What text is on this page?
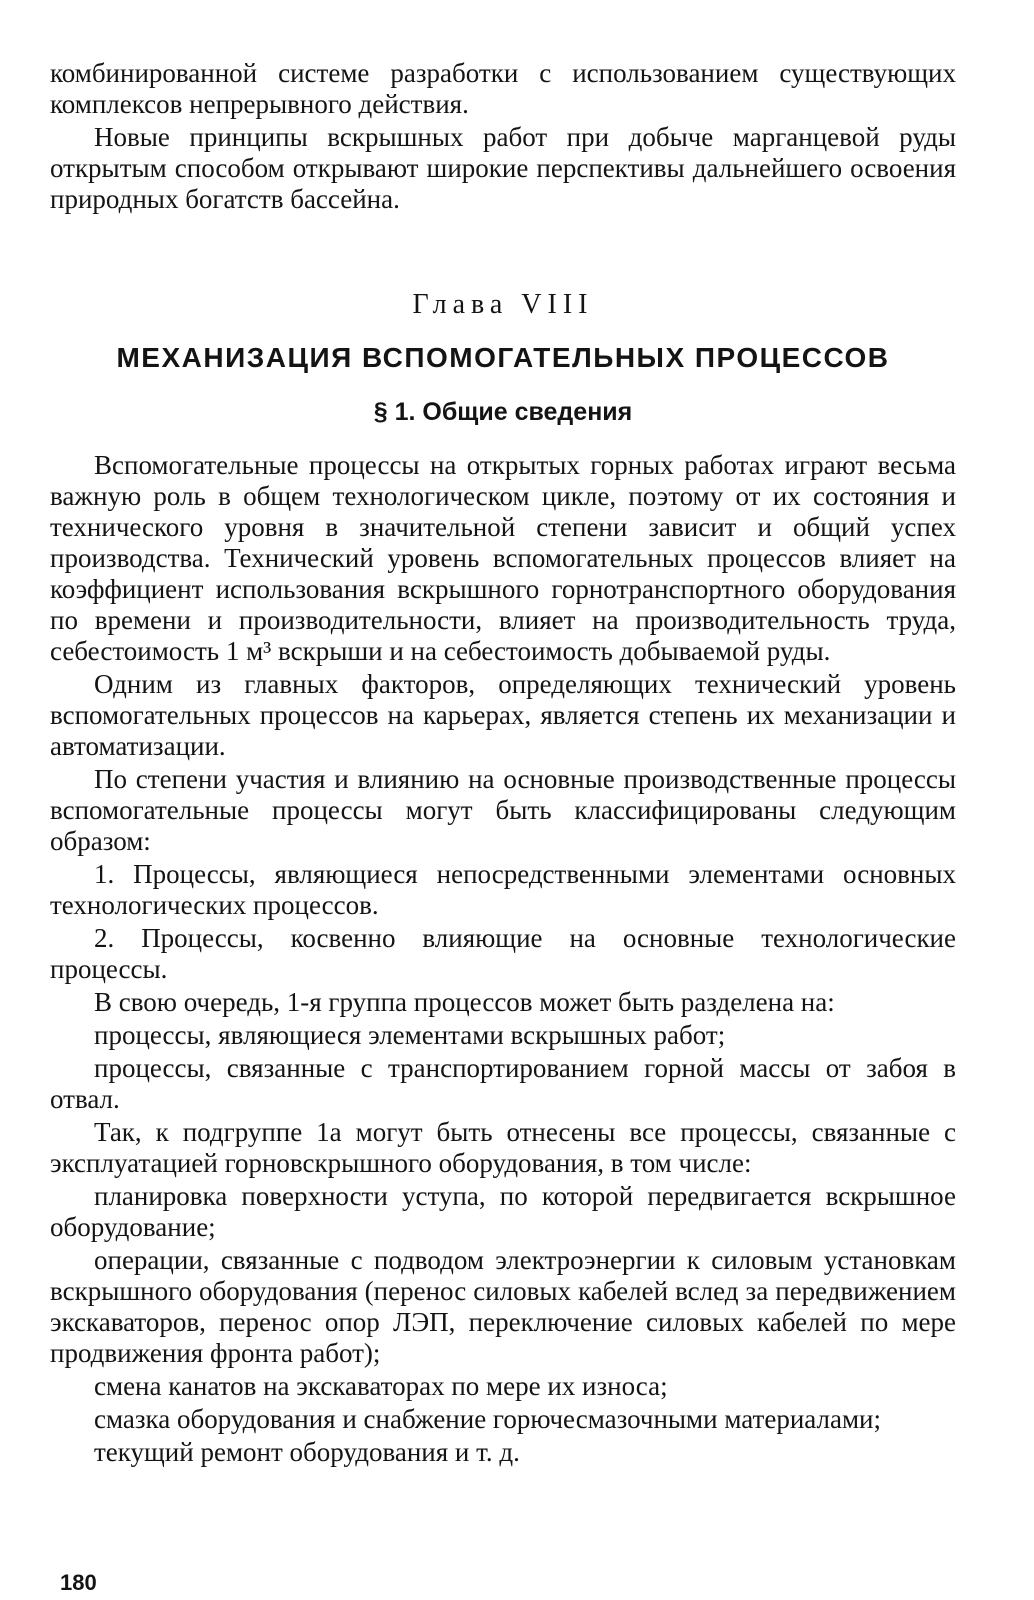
комбинированной системе разработки с использованием существующих комплексов непрерывного действия.

Новые принципы вскрышных работ при добыче марганцевой руды открытым способом открывают широкие перспективы дальнейшего освоения природных богатств бассейна.

Глава VIII
МЕХАНИЗАЦИЯ ВСПОМОГАТЕЛЬНЫХ ПРОЦЕССОВ
§ 1. Общие сведения

Вспомогательные процессы на открытых горных работах играют весьма важную роль в общем технологическом цикле, поэтому от их состояния и технического уровня в значительной степени зависит и общий успех производства. Технический уровень вспомогательных процессов влияет на коэффициент использования вскрышного горнотранспортного оборудования по времени и производительности, влияет на производительность труда, себестоимость 1 м³ вскрыши и на себестоимость добываемой руды.

Одним из главных факторов, определяющих технический уровень вспомогательных процессов на карьерах, является степень их механизации и автоматизации.

По степени участия и влиянию на основные производственные процессы вспомогательные процессы могут быть классифицированы следующим образом:

1. Процессы, являющиеся непосредственными элементами основных технологических процессов.

2. Процессы, косвенно влияющие на основные технологические процессы.

В свою очередь, 1-я группа процессов может быть разделена на:

процессы, являющиеся элементами вскрышных работ;

процессы, связанные с транспортированием горной массы от забоя в отвал.

Так, к подгруппе 1а могут быть отнесены все процессы, связанные с эксплуатацией горновскрышного оборудования, в том числе:

планировка поверхности уступа, по которой передвигается вскрышное оборудование;

операции, связанные с подводом электроэнергии к силовым установкам вскрышного оборудования (перенос силовых кабелей вслед за передвижением экскаваторов, перенос опор ЛЭП, переключение силовых кабелей по мере продвижения фронта работ);

смена канатов на экскаваторах по мере их износа;

смазка оборудования и снабжение горючесмазочными материалами;

текущий ремонт оборудования и т. д.

180
